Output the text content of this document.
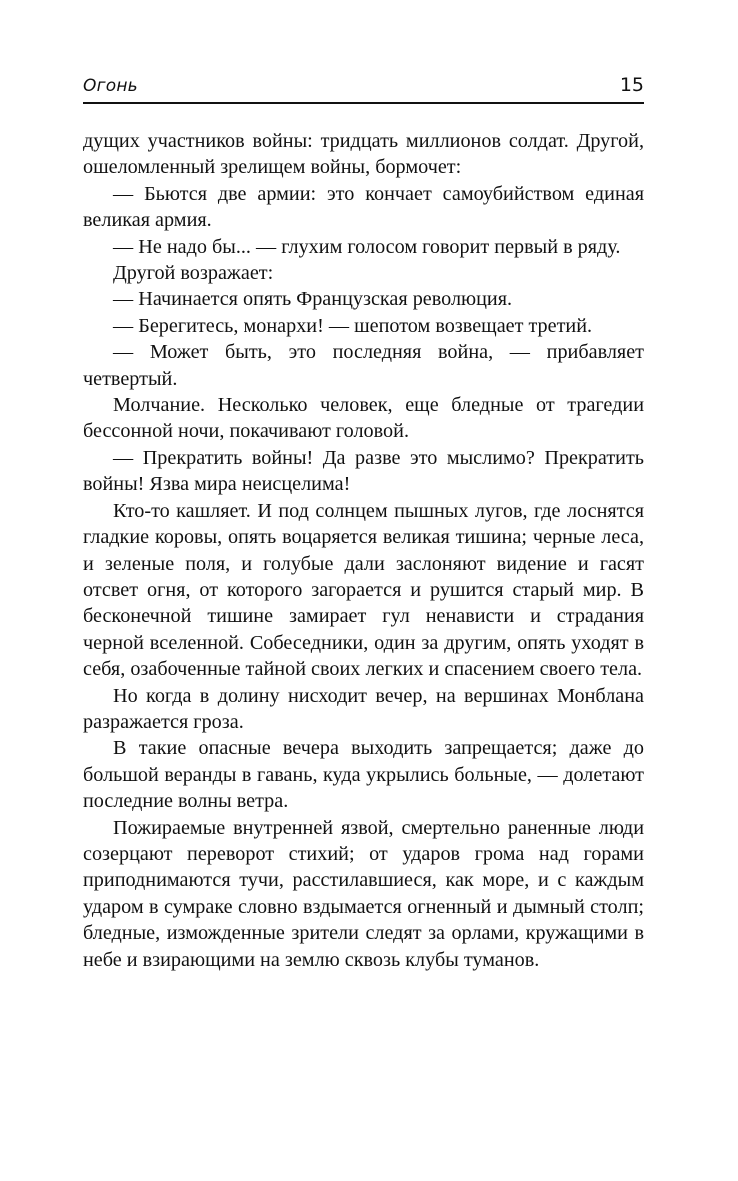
Огонь	15

дущих участников войны: тридцать миллионов солдат. Другой, ошеломленный зрелищем войны, бормочет:

— Бьются две армии: это кончает самоубийством единая великая армия.

— Не надо бы... — глухим голосом говорит первый в ряду.

Другой возражает:

— Начинается опять Французская революция.

— Берегитесь, монархи! — шепотом возвещает третий.

— Может быть, это последняя война, — прибавляет четвертый.

Молчание. Несколько человек, еще бледные от трагедии бессонной ночи, покачивают головой.

— Прекратить войны! Да разве это мыслимо? Прекратить войны! Язва мира неисцелима!

Кто-то кашляет. И под солнцем пышных лугов, где лоснятся гладкие коровы, опять воцаряется великая тишина; черные леса, и зеленые поля, и голубые дали заслоняют видение и гасят отсвет огня, от которого загорается и рушится старый мир. В бесконечной тишине замирает гул ненависти и страдания черной вселенной. Собеседники, один за другим, опять уходят в себя, озабоченные тайной своих легких и спасением своего тела.

Но когда в долину нисходит вечер, на вершинах Монблана разражается гроза.

В такие опасные вечера выходить запрещается; даже до большой веранды в гавань, куда укрылись больные, — долетают последние волны ветра.

Пожираемые внутренней язвой, смертельно раненные люди созерцают переворот стихий; от ударов грома над горами приподнимаются тучи, расстилавшиеся, как море, и с каждым ударом в сумраке словно вздымается огненный и дымный столп; бледные, изможденные зрители следят за орлами, кружащими в небе и взирающими на землю сквозь клубы туманов.
